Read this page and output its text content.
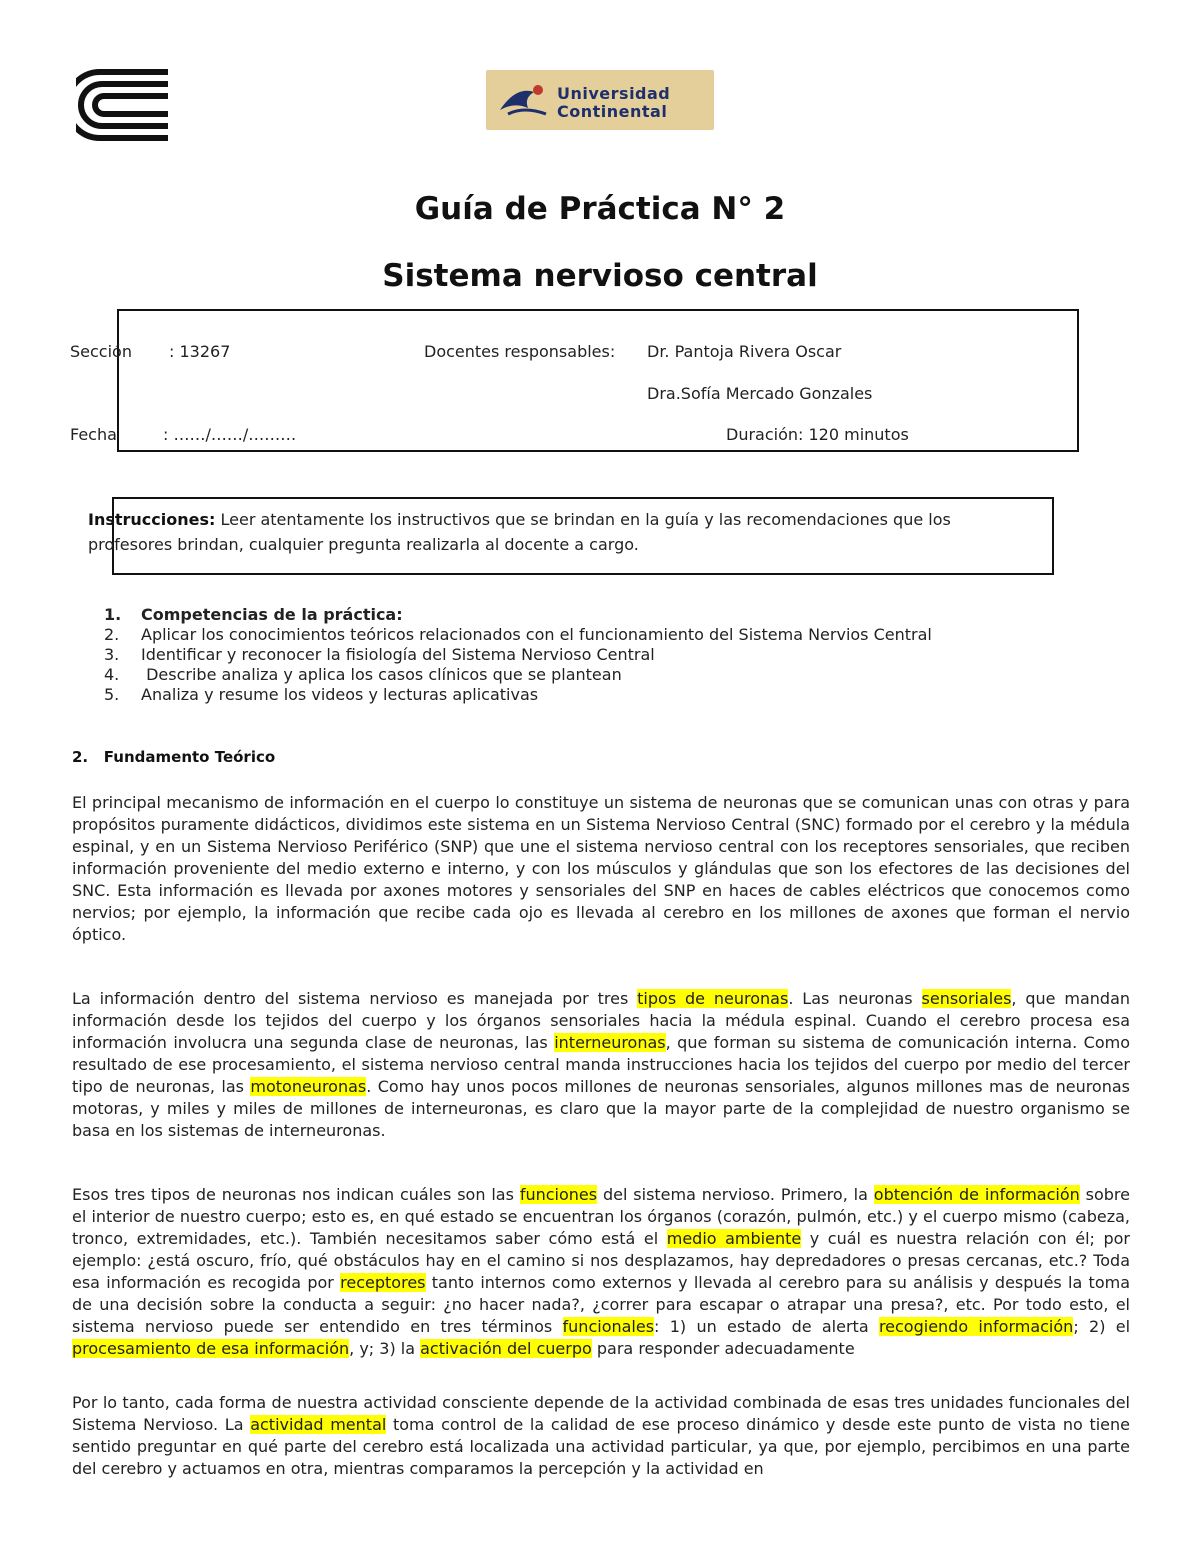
Universidad
Continental
Guía de Práctica N° 2
Sistema nervioso central
Sección : 13267	Docentes responsables: Dr. Pantoja Rivera Oscar
Dra.Sofía Mercado Gonzales
Fecha	: ……/……/………	Duración: 120 minutos
Instrucciones: Leer atentamente los instructivos que se brindan en la guía y las recomendaciones que los profesores brindan, cualquier pregunta realizarla al docente a cargo.
1. Competencias de la práctica:
2. Aplicar los conocimientos teóricos relacionados con el funcionamiento del Sistema Nervios Central
3. Identificar y reconocer la fisiología del Sistema Nervioso Central
4. Describe analiza y aplica los casos clínicos que se plantean
5. Analiza y resume los videos y lecturas aplicativas
2.   Fundamento Teórico
El principal mecanismo de información en el cuerpo lo constituye un sistema de neuronas que se comunican unas con otras y para propósitos puramente didácticos, dividimos este sistema en un Sistema Nervioso Central (SNC) formado por el cerebro y la médula espinal, y en un Sistema Nervioso Periférico (SNP) que une el sistema nervioso central con los receptores sensoriales, que reciben información proveniente del medio externo e interno, y con los músculos y glándulas que son los efectores de las decisiones del SNC. Esta información es llevada por axones motores y sensoriales del SNP en haces de cables eléctricos que conocemos como nervios; por ejemplo, la información que recibe cada ojo es llevada al cerebro en los millones de axones que forman el nervio óptico.
La información dentro del sistema nervioso es manejada por tres tipos de neuronas. Las neuronas sensoriales, que mandan información desde los tejidos del cuerpo y los órganos sensoriales hacia la médula espinal. Cuando el cerebro procesa esa información involucra una segunda clase de neuronas, las interneuronas, que forman su sistema de comunicación interna. Como resultado de ese procesamiento, el sistema nervioso central manda instrucciones hacia los tejidos del cuerpo por medio del tercer tipo de neuronas, las motoneuronas. Como hay unos pocos millones de neuronas sensoriales, algunos millones mas de neuronas motoras, y miles y miles de millones de interneuronas, es claro que la mayor parte de la complejidad de nuestro organismo se basa en los sistemas de interneuronas.
Esos tres tipos de neuronas nos indican cuáles son las funciones del sistema nervioso. Primero, la obtención de información sobre el interior de nuestro cuerpo; esto es, en qué estado se encuentran los órganos (corazón, pulmón, etc.) y el cuerpo mismo (cabeza, tronco, extremidades, etc.). También necesitamos saber cómo está el medio ambiente y cuál es nuestra relación con él; por ejemplo: ¿está oscuro, frío, qué obstáculos hay en el camino si nos desplazamos, hay depredadores o presas cercanas, etc.? Toda esa información es recogida por receptores tanto internos como externos y llevada al cerebro para su análisis y después la toma de una decisión sobre la conducta a seguir: ¿no hacer nada?, ¿correr para escapar o atrapar una presa?, etc. Por todo esto, el sistema nervioso puede ser entendido en tres términos funcionales: 1) un estado de alerta recogiendo información; 2) el procesamiento de esa información, y; 3) la activación del cuerpo para responder adecuadamente
Por lo tanto, cada forma de nuestra actividad consciente depende de la actividad combinada de esas tres unidades funcionales del Sistema Nervioso. La actividad mental toma control de la calidad de ese proceso dinámico y desde este punto de vista no tiene sentido preguntar en qué parte del cerebro está localizada una actividad particular, ya que, por ejemplo, percibimos en una parte del cerebro y actuamos en otra, mientras comparamos la percepción y la actividad en
